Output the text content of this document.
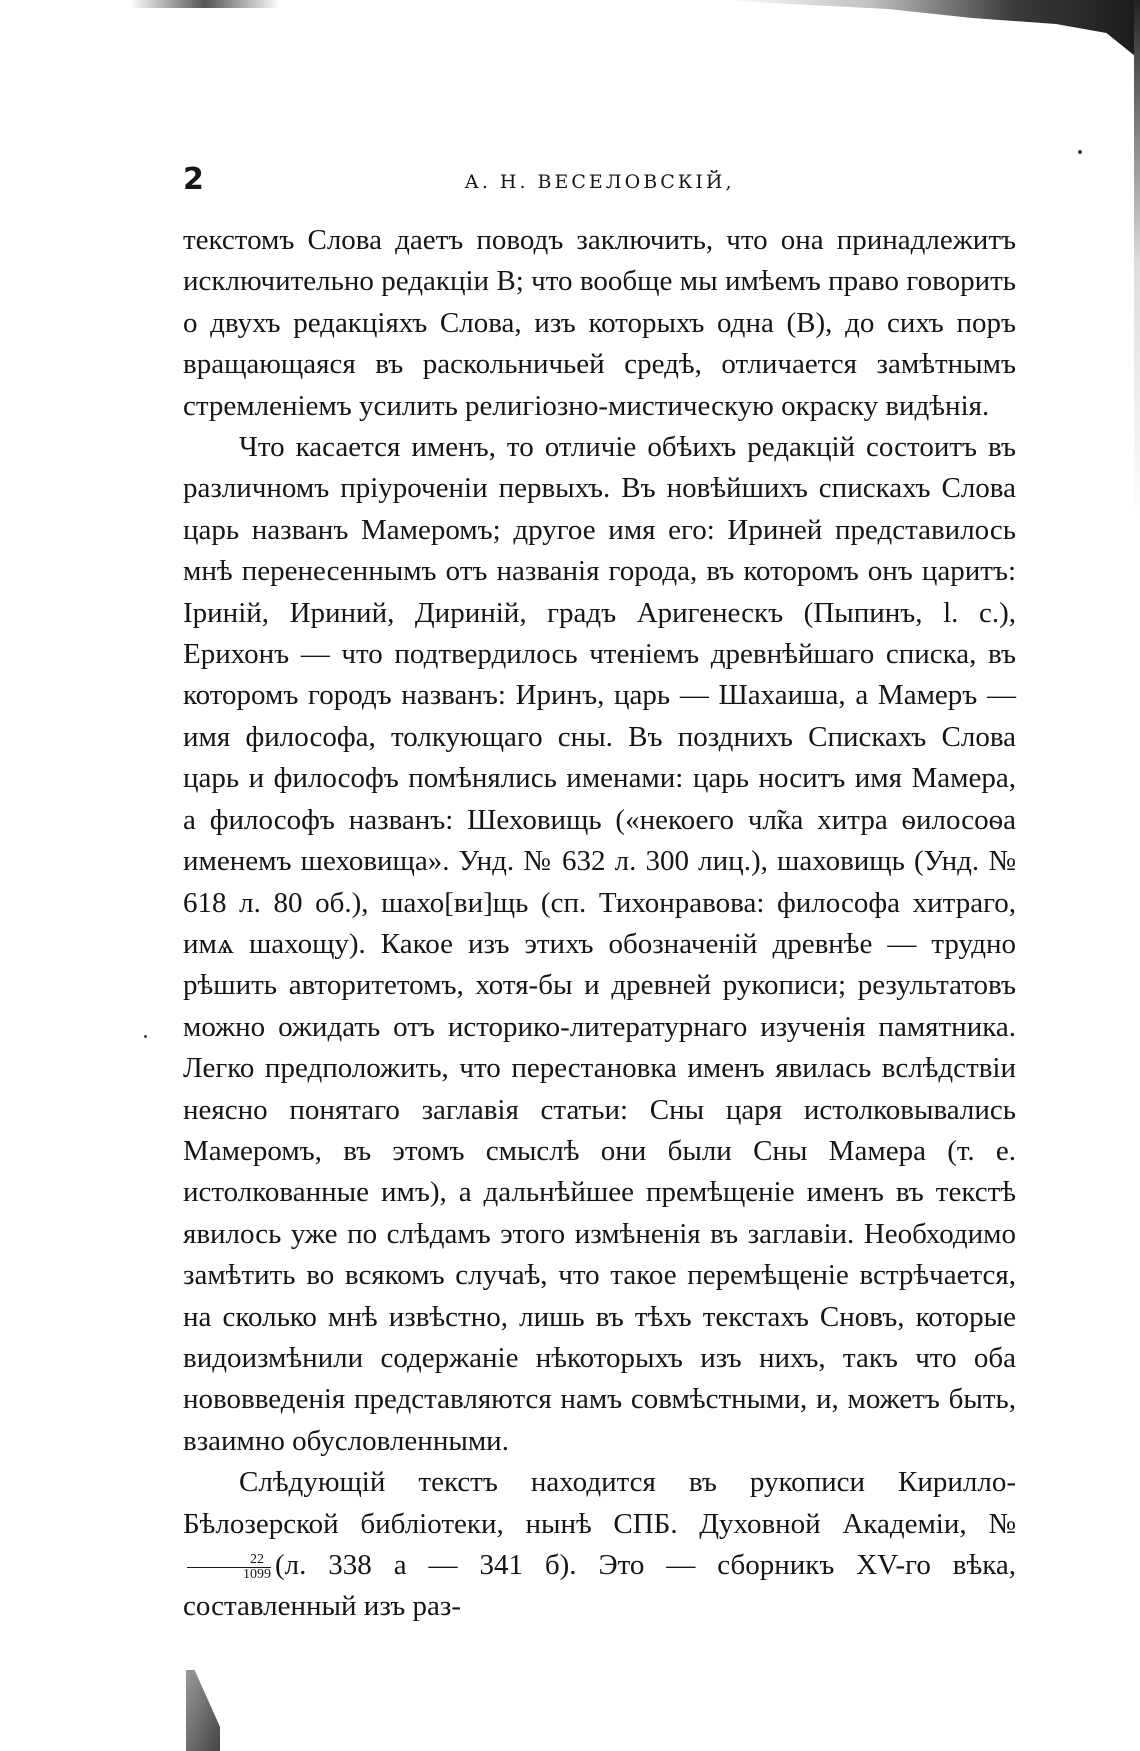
2	А. Н. ВЕСЕЛОВСКІЙ,

текстомъ Слова даетъ поводъ заключить, что она принадлежитъ исключительно редакціи В; что вообще мы имѣемъ право говорить о двухъ редакціяхъ Слова, изъ которыхъ одна (В), до сихъ поръ вращающаяся въ раскольничьей средѣ, отличается замѣтнымъ стремленіемъ усилить религіозно-мистическую окраску видѣнія.

Что касается именъ, то отличіе обѣихъ редакцій состоитъ въ различномъ пріуроченіи первыхъ. Въ новѣйшихъ спискахъ Слова царь названъ Мамеромъ; другое имя его: Ириней представилось мнѣ перенесеннымъ отъ названія города, въ которомъ онъ царитъ: Іриній, Ириний, Дириній, градъ Аригенескъ (Пыпинъ, l. c.), Ерихонъ — что подтвердилось чтеніемъ древнѣйшаго списка, въ которомъ городъ названъ: Иринъ, царь — Шахаиша, а Мамеръ — имя философа, толкующаго сны. Въ позднихъ Спискахъ Слова царь и философъ помѣнялись именами: царь носитъ имя Мамера, а философъ названъ: Шеховищь («некоего чл̃ка хитра ѳилосоѳа именемъ шеховища». Унд. № 632 л. 300 лиц.), шаховищь (Унд. № 618 л. 80 об.), шахо[ви]щь (сп. Тихонравова: философа хитраго, имѧ шахощу). Какое изъ этихъ обозначеній древнѣе — трудно рѣшить авторитетомъ, хотя-бы и древней рукописи; результатовъ можно ожидать отъ историко-литературнаго изученія памятника. Легко предположить, что перестановка именъ явилась вслѣдствіи неясно понятаго заглавія статьи: Сны царя истолковывались Мамеромъ, въ этомъ смыслѣ они были Сны Мамера (т. е. истолкованные имъ), а дальнѣйшее премѣщеніе именъ въ текстѣ явилось уже по слѣдамъ этого измѣненія въ заглавіи. Необходимо замѣтить во всякомъ случаѣ, что такое перемѣщеніе встрѣчается, на сколько мнѣ извѣстно, лишь въ тѣхъ текстахъ Сновъ, которые видоизмѣнили содержаніе нѣкоторыхъ изъ нихъ, такъ что оба нововведенія представляются намъ совмѣстными, и, можетъ быть, взаимно обусловленными.

Слѣдующій текстъ находится въ рукописи Кирилло-Бѣлозерской библіотеки, нынѣ СПБ. Духовной Академіи, №
$\frac{22}{1099} (л$. 338 а — 341 б). Это — сборникъ XV-го вѣка, составленный изъ раз-
